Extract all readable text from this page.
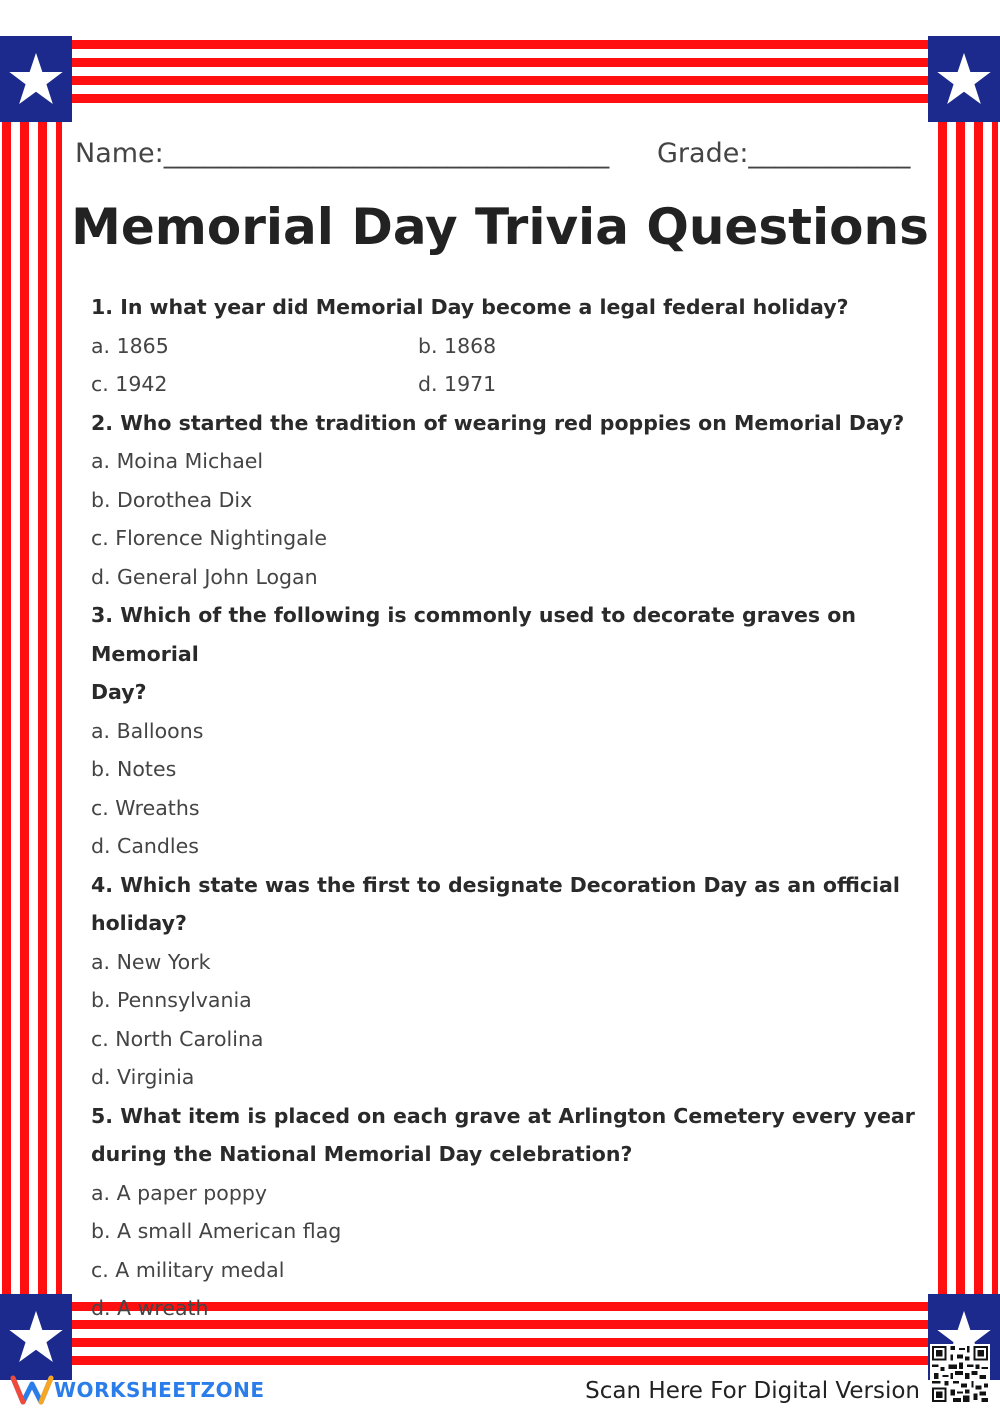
Name:_________________________________ Grade:____________
Memorial Day Trivia Questions

1. In what year did Memorial Day become a legal federal holiday?

a. 1865	b. 1868

c. 1942	d. 1971

2. Who started the tradition of wearing red poppies on Memorial Day?

a. Moina Michael

b. Dorothea Dix

c. Florence Nightingale

d. General John Logan

3. Which of the following is commonly used to decorate graves on Memorial

Day?

a. Balloons

b. Notes

c. Wreaths

d. Candles

4. Which state was the first to designate Decoration Day as an official

holiday?

a. New York

b. Pennsylvania

c. North Carolina

d. Virginia

5. What item is placed on each grave at Arlington Cemetery every year

during the National Memorial Day celebration?

a. A paper poppy

b. A small American flag

c. A military medal

d. A wreath

WORKSHEETZONE	Scan Here For Digital Version
